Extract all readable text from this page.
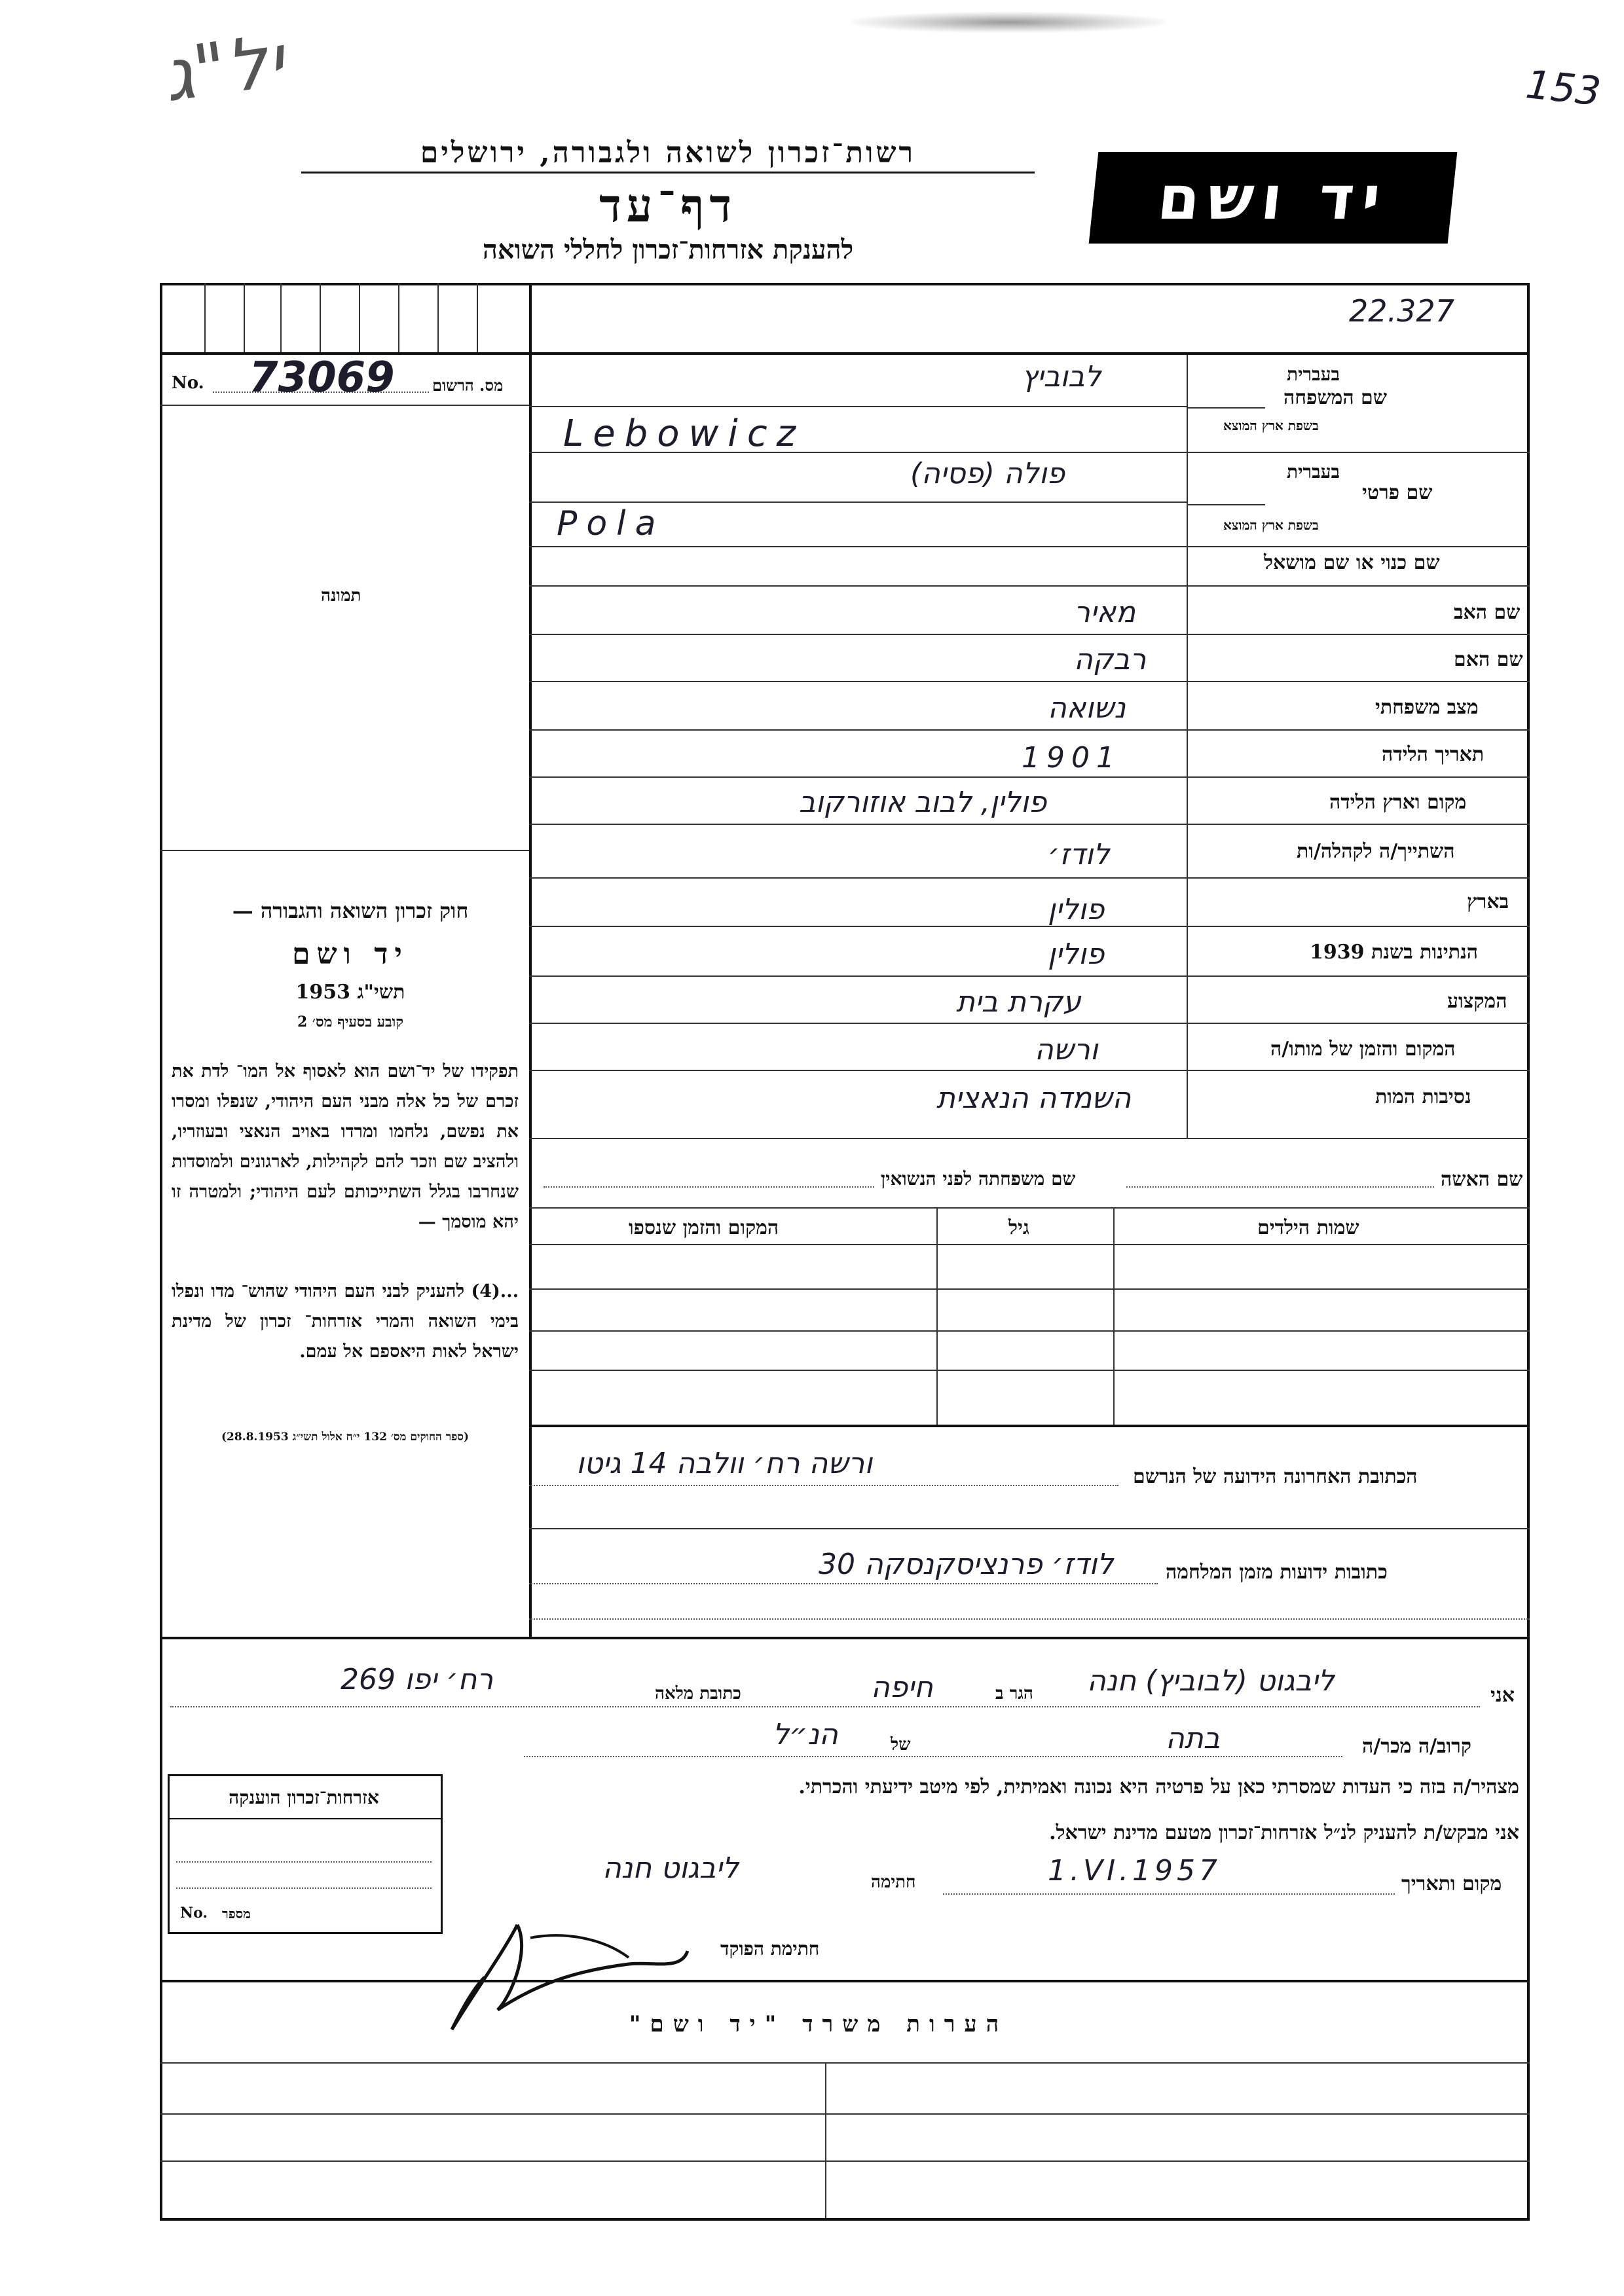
יל"ג	153
רשות־זכרון לשואה ולגבורה, ירושלים
דף־עד
להענקת אזרחות־זכרון לחללי השואה
יד ושם
22.327
No. 73069 מס. הרשום
תמונה
חוק זכרון השואה והגבורה —
יד ושם
תשי"ג 1953
קובע בסעיף מס׳ 2
תפקידו של יד־ושם הוא לאסוף אל המו־ לדת את זכרם של כל אלה מבני העם היהודי, שנפלו ומסרו את נפשם, נלחמו ומרדו באויב הנאצי ובעוזריו, ולהציב שם וזכר להם לקהילות, לארגונים ולמוסדות שנחרבו בגלל השתייכותם לעם היהודי; ולמטרה זו יהא מוסמך —
...(4) להעניק לבני העם היהודי שהוש־ מדו ונפלו בימי השואה והמרי אזרחות־ זכרון של מדינת ישראל לאות היאספם אל עמם.
(ספר החוקים מס׳ 132 י״ח אלול תשי״ג 28.8.1953)
שם המשפחה
בעברית
בשפת ארץ המוצא
לבוביץ
Lebowicz
שם פרטי
בעברית
בשפת ארץ המוצא
פולה (פסיה)
Pola
שם כנוי או שם מושאל
שם האב
מאיר
שם האם
רבקה
מצב משפחתי
נשואה
תאריך הלידה
1901
מקום וארץ הלידה
פולין, לבוב אוזורקוב
השתייך/ה לקהלה/ות
לודז׳
בארץ
פולין
הנתינות בשנת 1939
פולין
המקצוע
עקרת בית
המקום והזמן של מותו/ה
ורשה
נסיבות המות
השמדה הנאצית
שם האשה
שם משפחתה לפני הנשואין
שמות הילדים
גיל
המקום והזמן שנספו
הכתובת האחרונה הידועה של הנרשם
ורשה רח׳ וולבה 14 גיטו
כתובות ידועות מזמן המלחמה
לודז׳ פרנציסקנסקה 30
אני
ליבגוט (לבוביץ) חנה
הגר ב
חיפה
כתובת מלאה
רח׳ יפו 269
קרוב/ה מכר/ה
בתה
של
הנ״ל
מצהיר/ה בזה כי העדות שמסרתי כאן על פרטיה היא נכונה ואמיתית, לפי מיטב ידיעתי והכרתי.
אני מבקש/ת להעניק לנ״ל אזרחות־זכרון מטעם מדינת ישראל.
מקום ותאריך
1.VI.1957
חתימה
ליבגוט חנה
חתימת הפוקד
אזרחות־זכרון הוענקה
No. מספר
הערות משרד "יד ושם"
